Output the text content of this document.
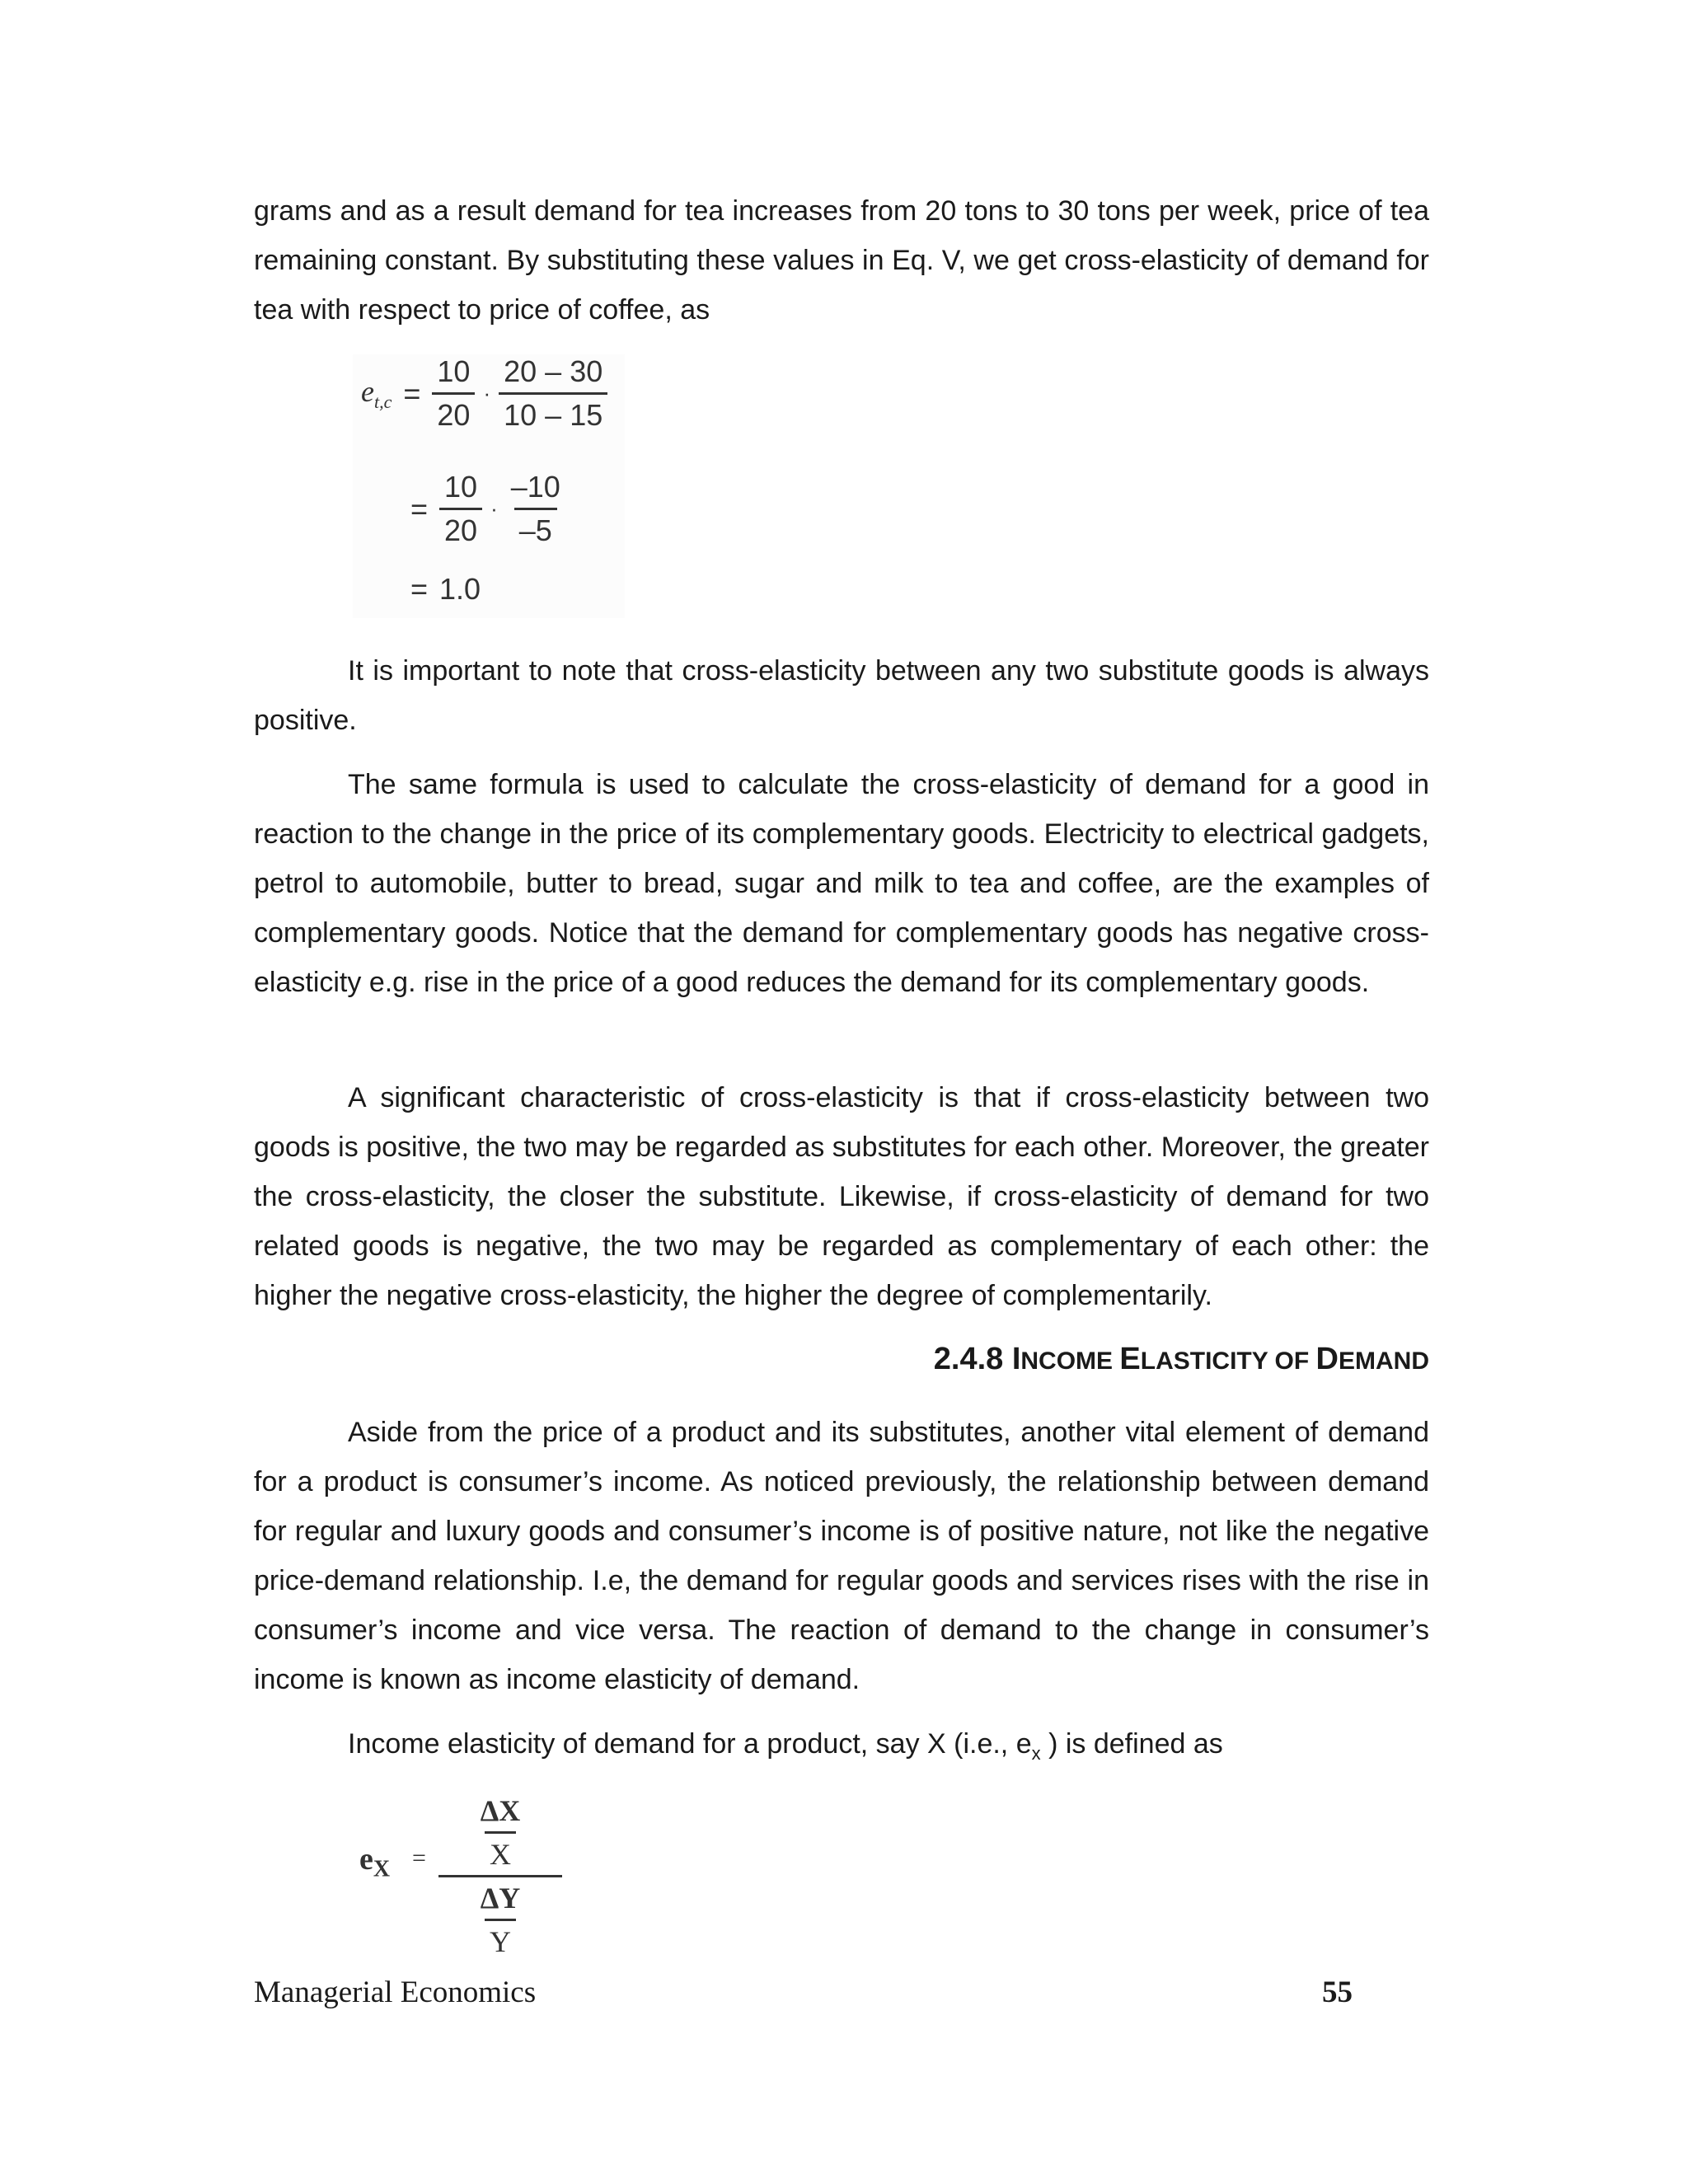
grams and as a result demand for tea increases from 20 tons to 30 tons per week, price of tea remaining constant. By substituting these values in Eq. V, we get cross-elasticity of demand for tea with respect to price of coffee, as

$e_{t,c} = \frac{10}{20} \cdot \frac{20 - 30}{10 - 15}$
= $\frac{10}{20} \cdot \frac{-10}{-5}$
= 1.0

It is important to note that cross-elasticity between any two substitute goods is always positive.

The same formula is used to calculate the cross-elasticity of demand for a good in reaction to the change in the price of its complementary goods. Electricity to electrical gadgets, petrol to automobile, butter to bread, sugar and milk to tea and coffee, are the examples of complementary goods. Notice that the demand for complementary goods has negative cross-elasticity e.g. rise in the price of a good reduces the demand for its complementary goods.

A significant characteristic of cross-elasticity is that if cross-elasticity between two goods is positive, the two may be regarded as substitutes for each other. Moreover, the greater the cross-elasticity, the closer the substitute. Likewise, if cross-elasticity of demand for two related goods is negative, the two may be regarded as complementary of each other: the higher the negative cross-elasticity, the higher the degree of complementarily.

2.4.8 INCOME ELASTICITY OF DEMAND

Aside from the price of a product and its substitutes, another vital element of demand for a product is consumer’s income. As noticed previously, the relationship between demand for regular and luxury goods and consumer’s income is of positive nature, not like the negative price-demand relationship. I.e, the demand for regular goods and services rises with the rise in consumer’s income and vice versa. The reaction of demand to the change in consumer’s income is known as income elasticity of demand.

Income elasticity of demand for a product, say X (i.e., $e_x$ ) is defined as

$e_X = \frac{\Delta X}{X}$
$\frac{\Delta Y}{Y}$
Managerial Economics	55
